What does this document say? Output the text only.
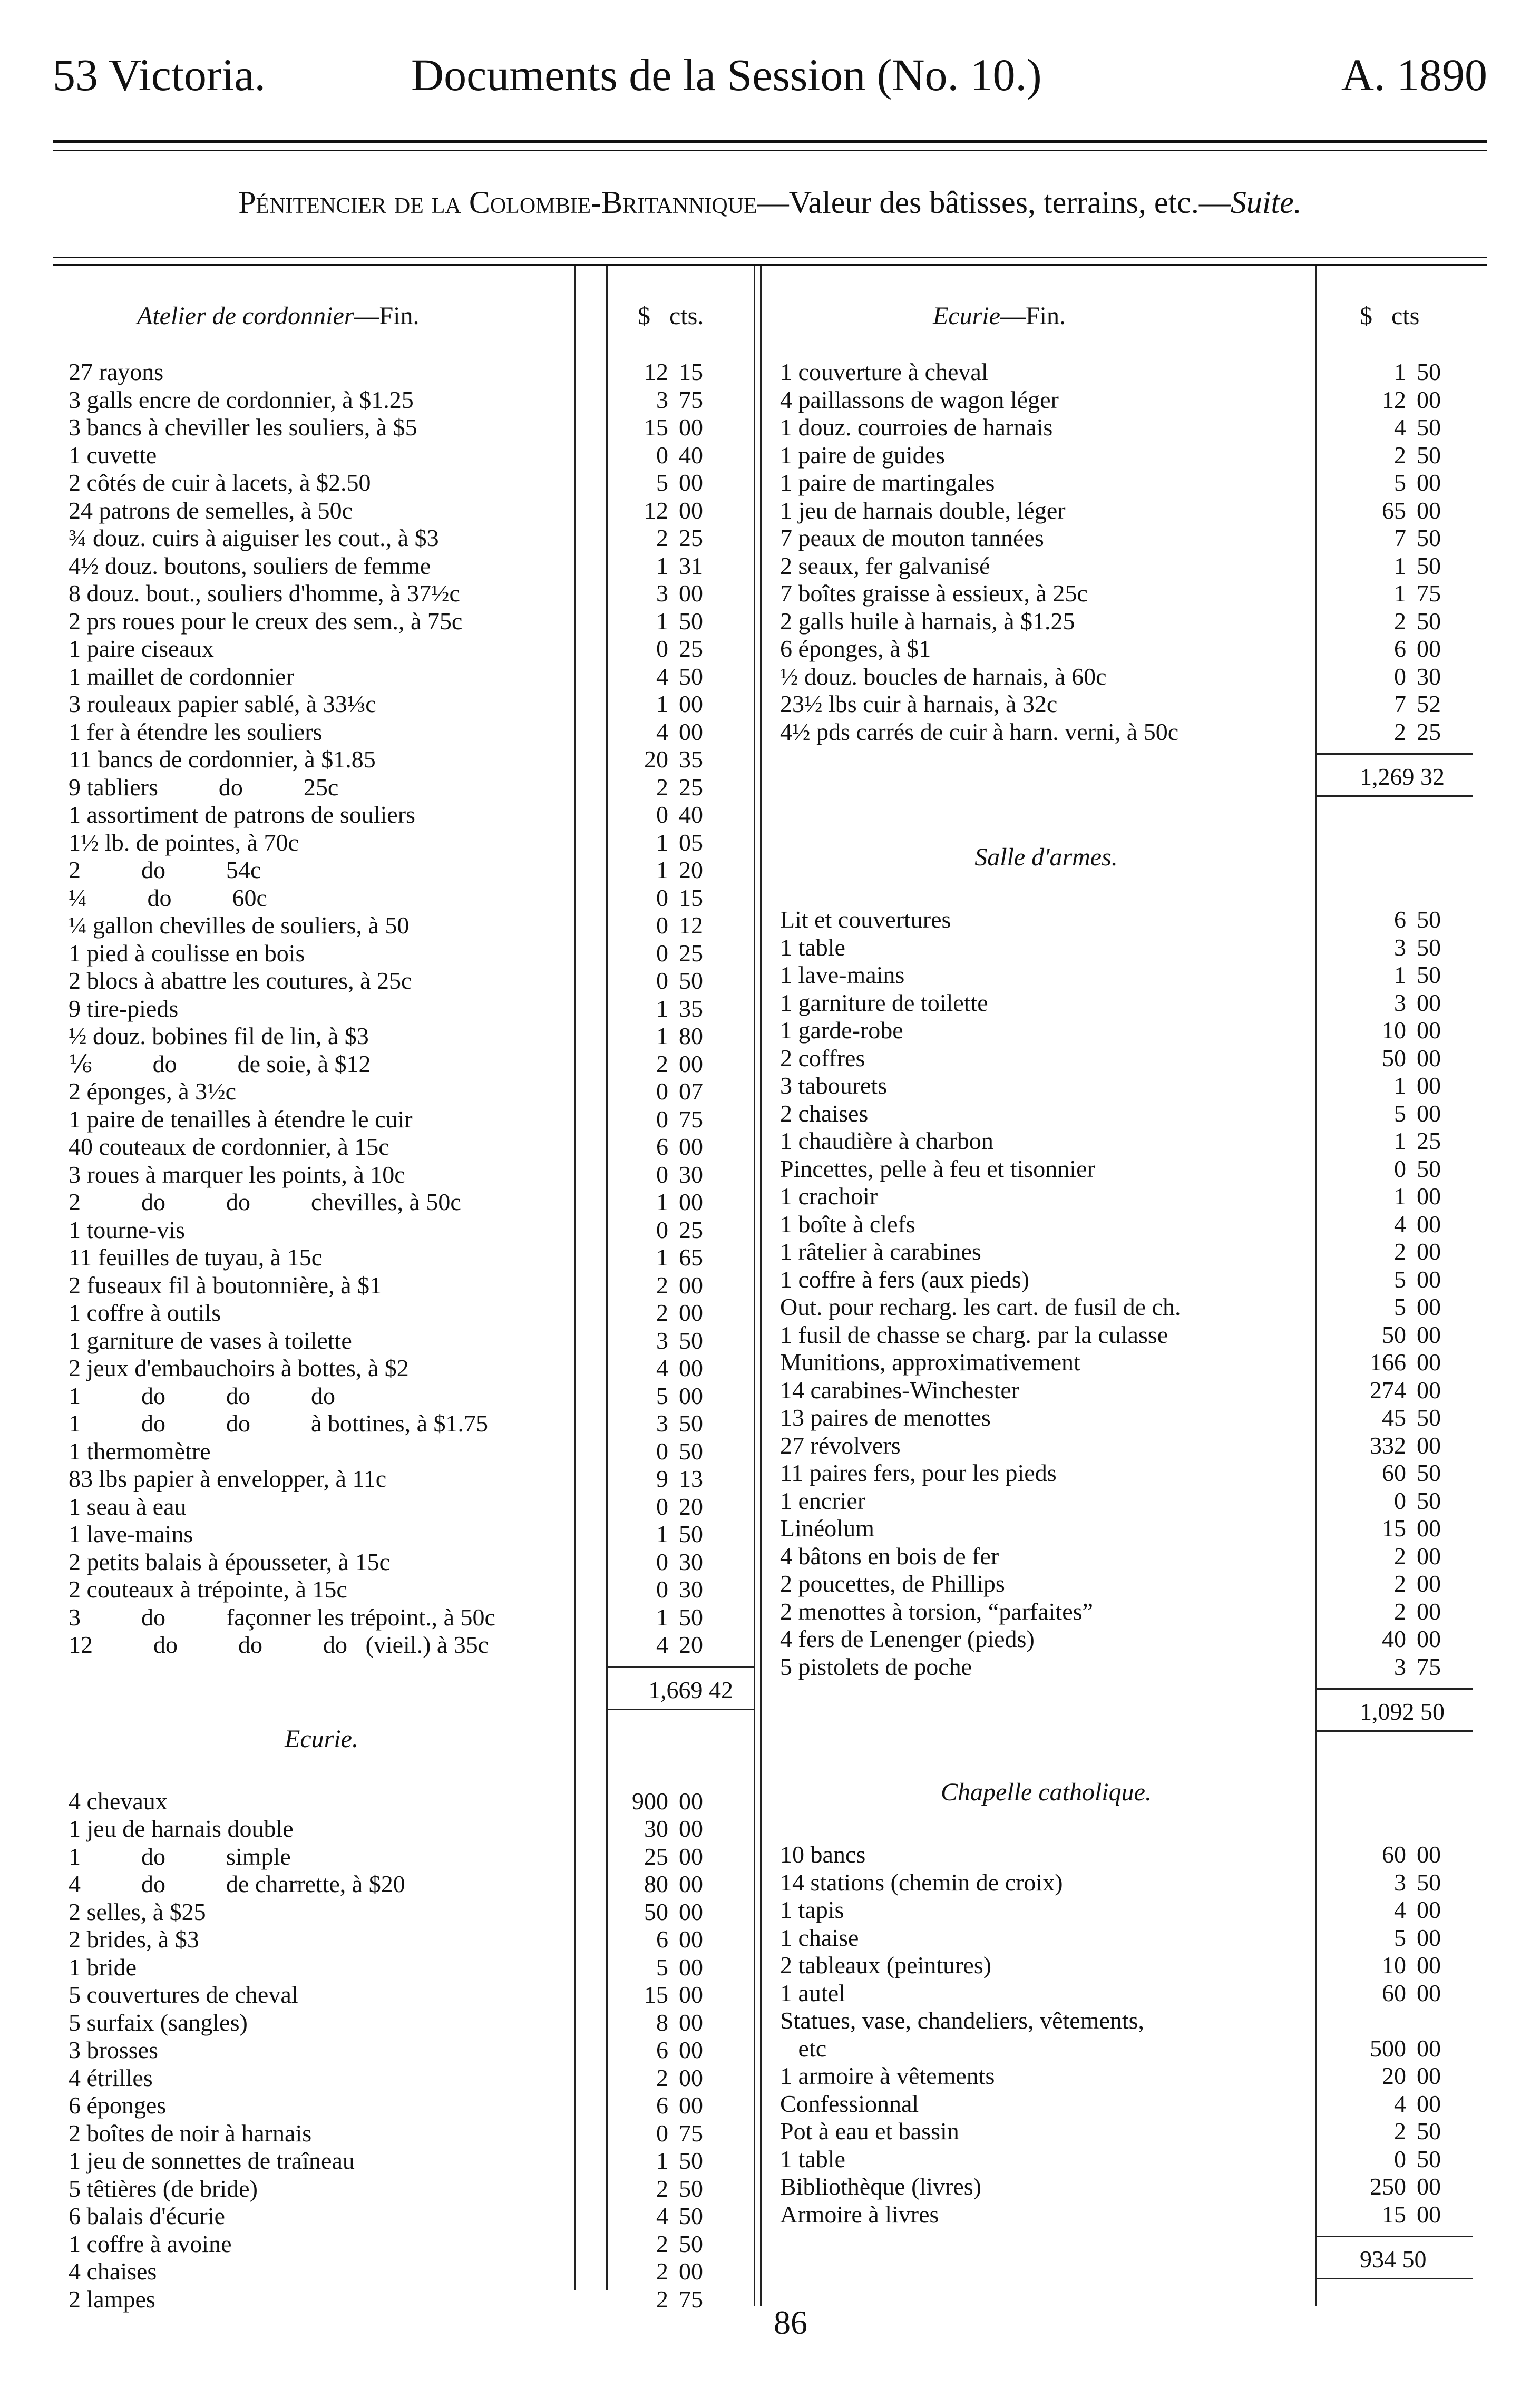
53 Victoria.	Documents de la Session (No. 10.)	A. 1890
Pénitencier de la Colombie-Britannique—Valeur des bâtisses, terrains, etc.—Suite.
Atelier de cordonnier—Fin.	$   cts.	Ecurie—Fin.	$   cts
27 rayons	12 15
3 galls encre de cordonnier, à $1.25	3 75
3 bancs à cheviller les souliers, à $5	15 00
1 cuvette	0 40
2 côtés de cuir à lacets, à $2.50	5 00
24 patrons de semelles, à 50c	12 00
¾ douz. cuirs à aiguiser les cout., à $3	2 25
4½ douz. boutons, souliers de femme	1 31
8 douz. bout., souliers d'homme, à 37½c	3 00
2 prs roues pour le creux des sem., à 75c	1 50
1 paire ciseaux	0 25
1 maillet de cordonnier	4 50
3 rouleaux papier sablé, à 33⅓c	1 00
1 fer à étendre les souliers	4 00
11 bancs de cordonnier, à $1.85	20 35
9 tabliers          do          25c	2 25
1 assortiment de patrons de souliers	0 40
1½ lb. de pointes, à 70c	1 05
2          do          54c	1 20
¼          do          60c	0 15
¼ gallon chevilles de souliers, à 50	0 12
1 pied à coulisse en bois	0 25
2 blocs à abattre les coutures, à 25c	0 50
9 tire-pieds	1 35
½ douz. bobines fil de lin, à $3	1 80
⅙          do          de soie, à $12	2 00
2 éponges, à 3½c	0 07
1 paire de tenailles à étendre le cuir	0 75
40 couteaux de cordonnier, à 15c	6 00
3 roues à marquer les points, à 10c	0 30
2          do          do          chevilles, à 50c	1 00
1 tourne-vis	0 25
11 feuilles de tuyau, à 15c	1 65
2 fuseaux fil à boutonnière, à $1	2 00
1 coffre à outils	2 00
1 garniture de vases à toilette	3 50
2 jeux d'embauchoirs à bottes, à $2	4 00
1          do          do          do	5 00
1          do          do          à bottines, à $1.75	3 50
1 thermomètre	0 50
83 lbs papier à envelopper, à 11c	9 13
1 seau à eau	0 20
1 lave-mains	1 50
2 petits balais à épousseter, à 15c	0 30
2 couteaux à trépointe, à 15c	0 30
3          do          façonner les trépoint., à 50c	1 50
12          do          do          do   (vieil.) à 35c	4 20
1,669 42
Ecurie.
4 chevaux	900 00
1 jeu de harnais double	30 00
1          do          simple	25 00
4          do          de charrette, à $20	80 00
2 selles, à $25	50 00
2 brides, à $3	6 00
1 bride	5 00
5 couvertures de cheval	15 00
5 surfaix (sangles)	8 00
3 brosses	6 00
4 étrilles	2 00
6 éponges	6 00
2 boîtes de noir à harnais	0 75
1 jeu de sonnettes de traîneau	1 50
5 têtières (de bride)	2 50
6 balais d'écurie	4 50
1 coffre à avoine	2 50
4 chaises	2 00
2 lampes	2 75
1 couverture à cheval	1 50
4 paillassons de wagon léger	12 00
1 douz. courroies de harnais	4 50
1 paire de guides	2 50
1 paire de martingales	5 00
1 jeu de harnais double, léger	65 00
7 peaux de mouton tannées	7 50
2 seaux, fer galvanisé	1 50
7 boîtes graisse à essieux, à 25c	1 75
2 galls huile à harnais, à $1.25	2 50
6 éponges, à $1	6 00
½ douz. boucles de harnais, à 60c	0 30
23½ lbs cuir à harnais, à 32c	7 52
4½ pds carrés de cuir à harn. verni, à 50c	2 25
1,269 32
Salle d'armes.
Lit et couvertures	6 50
1 table	3 50
1 lave-mains	1 50
1 garniture de toilette	3 00
1 garde-robe	10 00
2 coffres	50 00
3 tabourets	1 00
2 chaises	5 00
1 chaudière à charbon	1 25
Pincettes, pelle à feu et tisonnier	0 50
1 crachoir	1 00
1 boîte à clefs	4 00
1 râtelier à carabines	2 00
1 coffre à fers (aux pieds)	5 00
Out. pour recharg. les cart. de fusil de ch.	5 00
1 fusil de chasse se charg. par la culasse	50 00
Munitions, approximativement	166 00
14 carabines-Winchester	274 00
13 paires de menottes	45 50
27 révolvers	332 00
11 paires fers, pour les pieds	60 50
1 encrier	0 50
Linéolum	15 00
4 bâtons en bois de fer	2 00
2 poucettes, de Phillips	2 00
2 menottes à torsion, “parfaites”	2 00
4 fers de Lenenger (pieds)	40 00
5 pistolets de poche	3 75
1,092 50
Chapelle catholique.
10 bancs	60 00
14 stations (chemin de croix)	3 50
1 tapis	4 00
1 chaise	5 00
2 tableaux (peintures)	10 00
1 autel	60 00
Statues, vase, chandeliers, vêtements,
etc	500 00
1 armoire à vêtements	20 00
Confessionnal	4 00
Pot à eau et bassin	2 50
1 table	0 50
Bibliothèque (livres)	250 00
Armoire à livres	15 00
934 50
86
